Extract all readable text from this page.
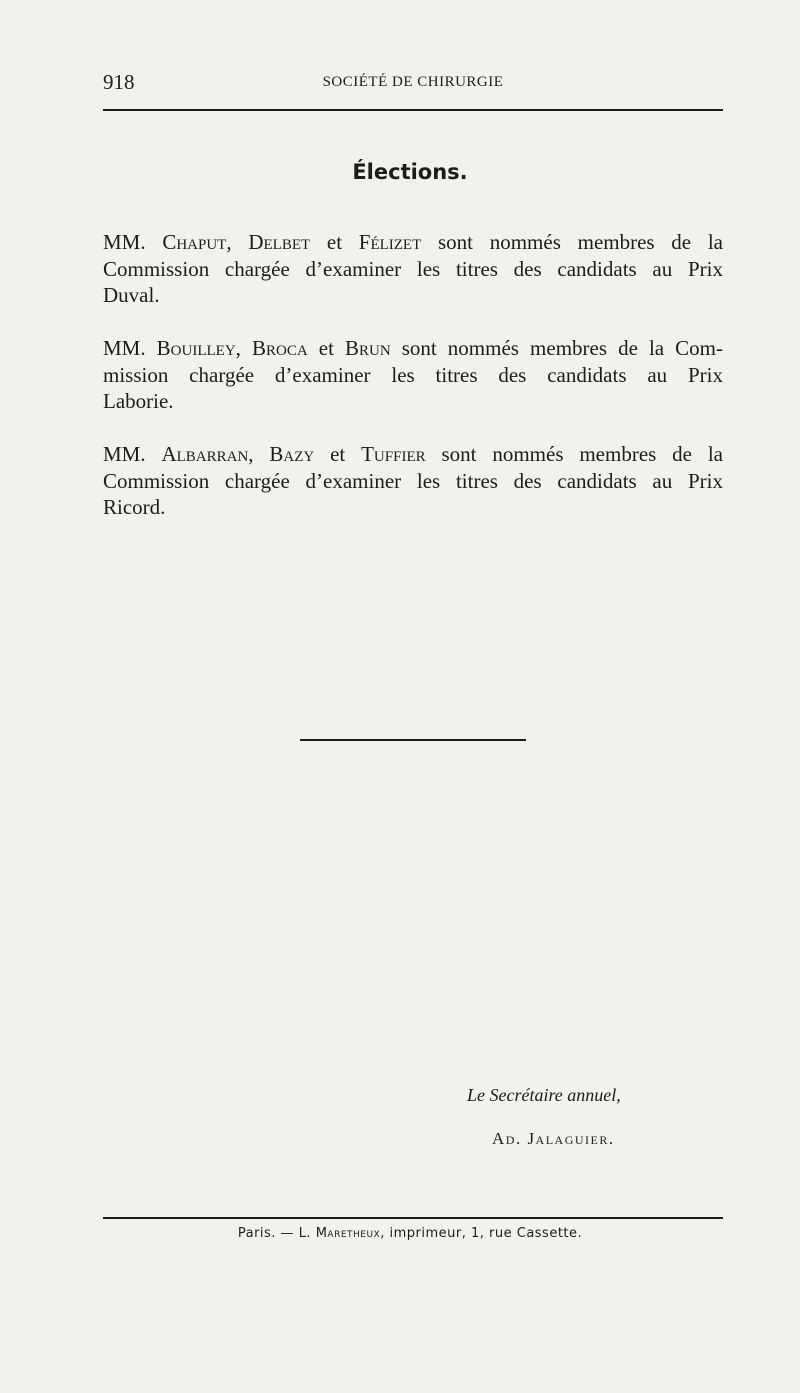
918	SOCIÉTÉ DE CHIRURGIE
Élections.
MM. Chaput, Delbet et Félizet sont nommés membres de la
Commission chargée d’examiner les titres des candidats au Prix
Duval.
MM. Bouilley, Broca et Brun sont nommés membres de la Com-
mission chargée d’examiner les titres des candidats au Prix
Laborie.
MM. Albarran, Bazy et Tuffier sont nommés membres de la
Commission chargée d’examiner les titres des candidats au Prix
Ricord.
Le Secrétaire annuel,
Ad. Jalaguier.
Paris. — L. Maretheux, imprimeur, 1, rue Cassette.
